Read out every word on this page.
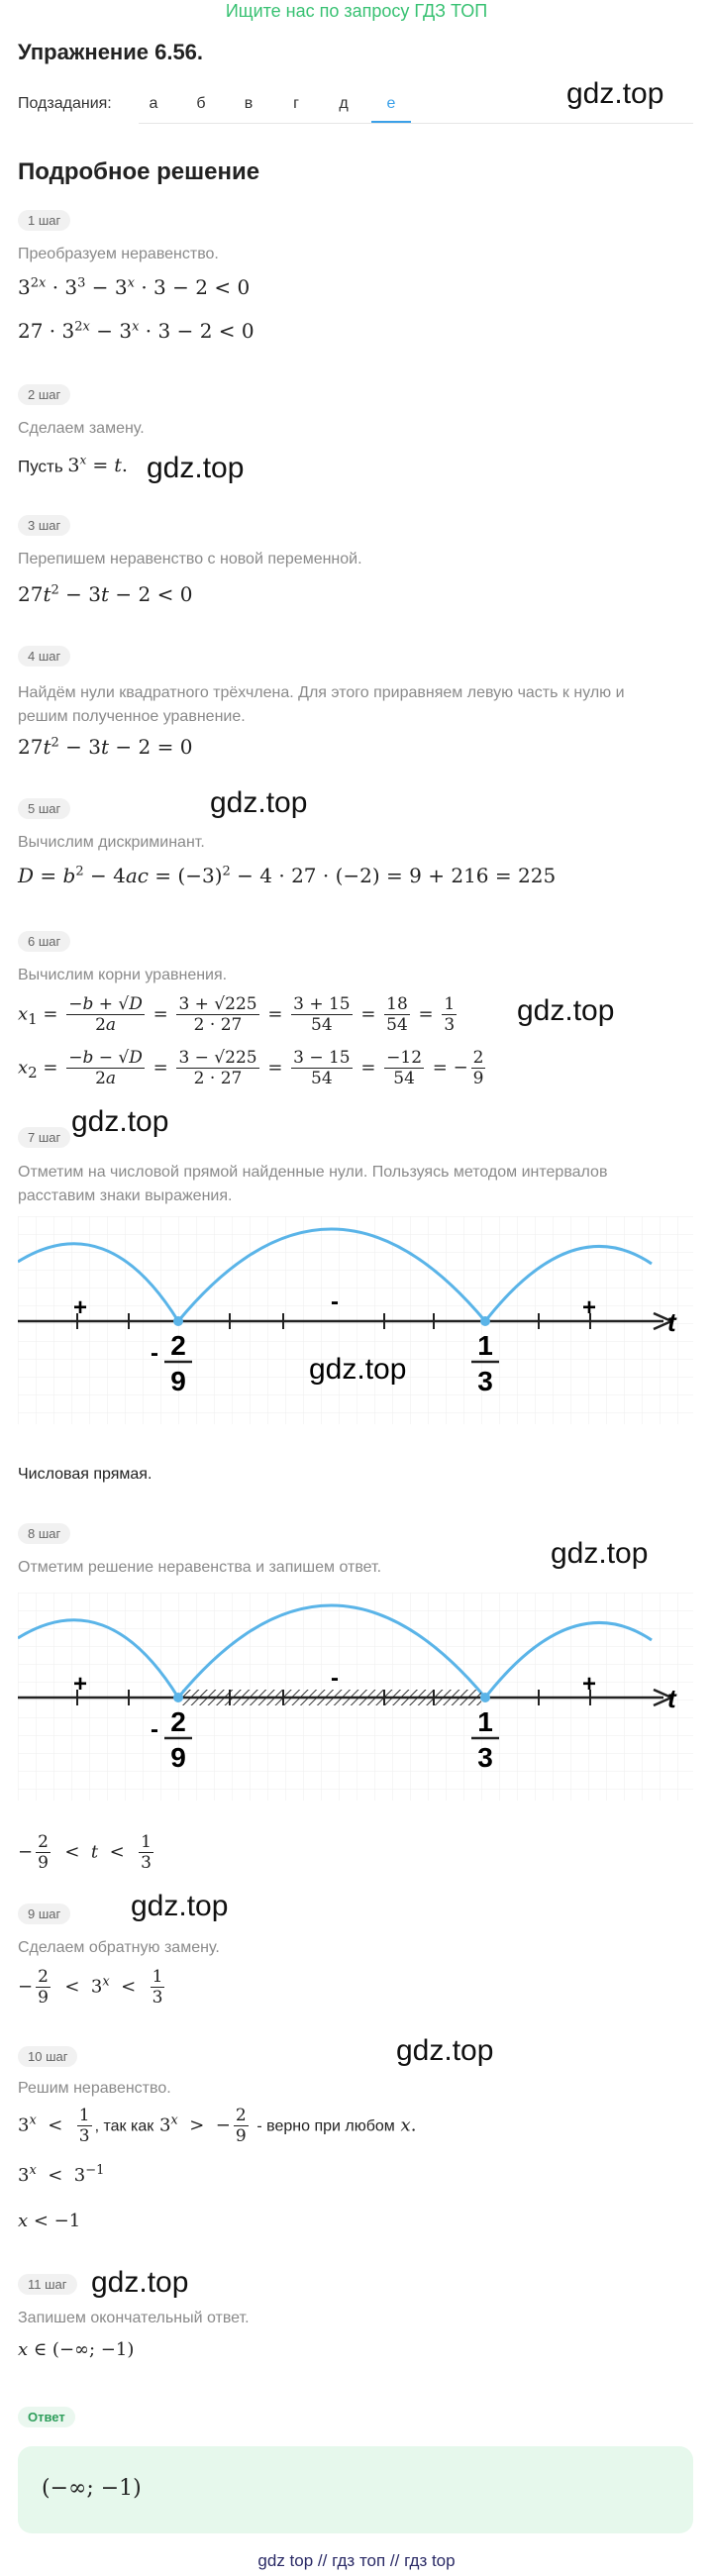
Ищите нас по запросу ГДЗ ТОП
Упражнение 6.56.
Подзадания:	а	б	в	г	д	е	gdz.top
Подробное решение
1 шаг
Преобразуем неравенство.
$3^{2x} \cdot 3^3 - 3^x \cdot 3 - 2 < 0$
$27 \cdot 3^{2x} - 3^x \cdot 3 - 2 < 0$
2 шаг
Сделаем замену.
Пусть $3^x = t$. gdz.top
3 шаг
Перепишем неравенство с новой переменной.
$27t^2 - 3t - 2 < 0$
4 шаг
Найдём нули квадратного трёхчлена. Для этого приравняем левую часть к нулю и решим полученное уравнение.
$27t^2 - 3t - 2 = 0$
gdz.top
5 шаг
Вычислим дискриминант.
$D = b^2 - 4ac = (-3)^2 - 4 \cdot 27 \cdot (-2) = 9 + 216 = 225$
6 шаг
Вычислим корни уравнения.
$x_1 = \frac{-b + √D}{2a} = \frac{3 + √225}{2 \cdot 27} = \frac{3 + 15}{54} = \frac{18}{54} = \frac{1}{3}$
$x_2 = \frac{-b - √D}{2a} = \frac{3 - √225}{2 \cdot 27} = \frac{3 - 15}{54} = \frac{-12}{54}$ = − $\frac{2}{9}$
gdz.top
gdz.top
7 шаг
Отметим на числовой прямой найденные нули. Пользуясь методом интервалов расставим знаки выражения.
+	-	+	t
- 2
9
1
3
gdz.top
Числовая прямая.
8 шаг
gdz.top
Отметим решение неравенства и запишем ответ.
+	-	+	t
- 2
9
1
3
− $\frac{2}{9} < t < \frac{1}{3}$
gdz.top
9 шаг
Сделаем обратную замену.
− $\frac{2}{9} < 3^x < \frac{1}{3}$
gdz.top
10 шаг
Решим неравенство.
$3^x < \frac{1}{3}$ , так как 3$^x$  >  − $\frac{2}{9}$ - верно при любом x.
$3^x < 3^{-1}$
x < −1
gdz.top
11 шаг
Запишем окончательный ответ.
x ∈ (−∞; −1)
Ответ
(−∞; −1)
gdz top // гдз топ // гдз top
